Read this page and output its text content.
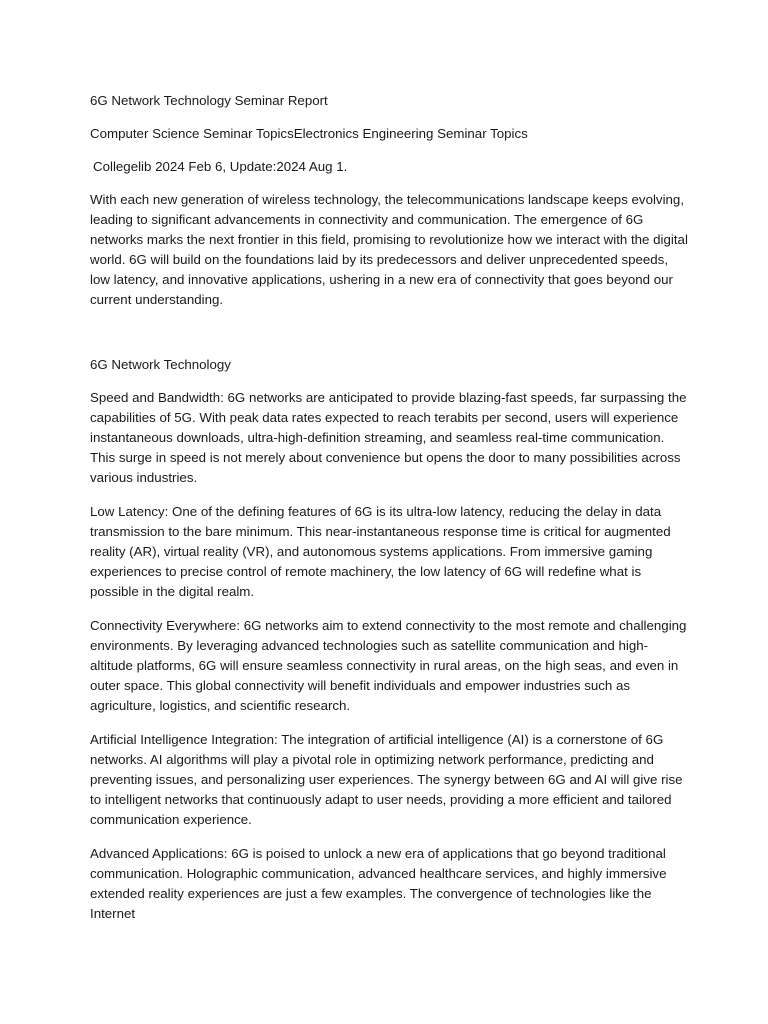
6G Network Technology Seminar Report

Computer Science Seminar TopicsElectronics Engineering Seminar Topics

Collegelib 2024 Feb 6, Update:2024 Aug 1.

With each new generation of wireless technology, the telecommunications landscape keeps evolving, leading to significant advancements in connectivity and communication. The emergence of 6G networks marks the next frontier in this field, promising to revolutionize how we interact with the digital world. 6G will build on the foundations laid by its predecessors and deliver unprecedented speeds, low latency, and innovative applications, ushering in a new era of connectivity that goes beyond our current understanding.

6G Network Technology

Speed and Bandwidth: 6G networks are anticipated to provide blazing-fast speeds, far surpassing the capabilities of 5G. With peak data rates expected to reach terabits per second, users will experience instantaneous downloads, ultra-high-definition streaming, and seamless real-time communication. This surge in speed is not merely about convenience but opens the door to many possibilities across various industries.

Low Latency: One of the defining features of 6G is its ultra-low latency, reducing the delay in data transmission to the bare minimum. This near-instantaneous response time is critical for augmented reality (AR), virtual reality (VR), and autonomous systems applications. From immersive gaming experiences to precise control of remote machinery, the low latency of 6G will redefine what is possible in the digital realm.

Connectivity Everywhere: 6G networks aim to extend connectivity to the most remote and challenging environments. By leveraging advanced technologies such as satellite communication and high-altitude platforms, 6G will ensure seamless connectivity in rural areas, on the high seas, and even in outer space. This global connectivity will benefit individuals and empower industries such as agriculture, logistics, and scientific research.

Artificial Intelligence Integration: The integration of artificial intelligence (AI) is a cornerstone of 6G networks. AI algorithms will play a pivotal role in optimizing network performance, predicting and preventing issues, and personalizing user experiences. The synergy between 6G and AI will give rise to intelligent networks that continuously adapt to user needs, providing a more efficient and tailored communication experience.

Advanced Applications: 6G is poised to unlock a new era of applications that go beyond traditional communication. Holographic communication, advanced healthcare services, and highly immersive extended reality experiences are just a few examples. The convergence of technologies like the Internet
